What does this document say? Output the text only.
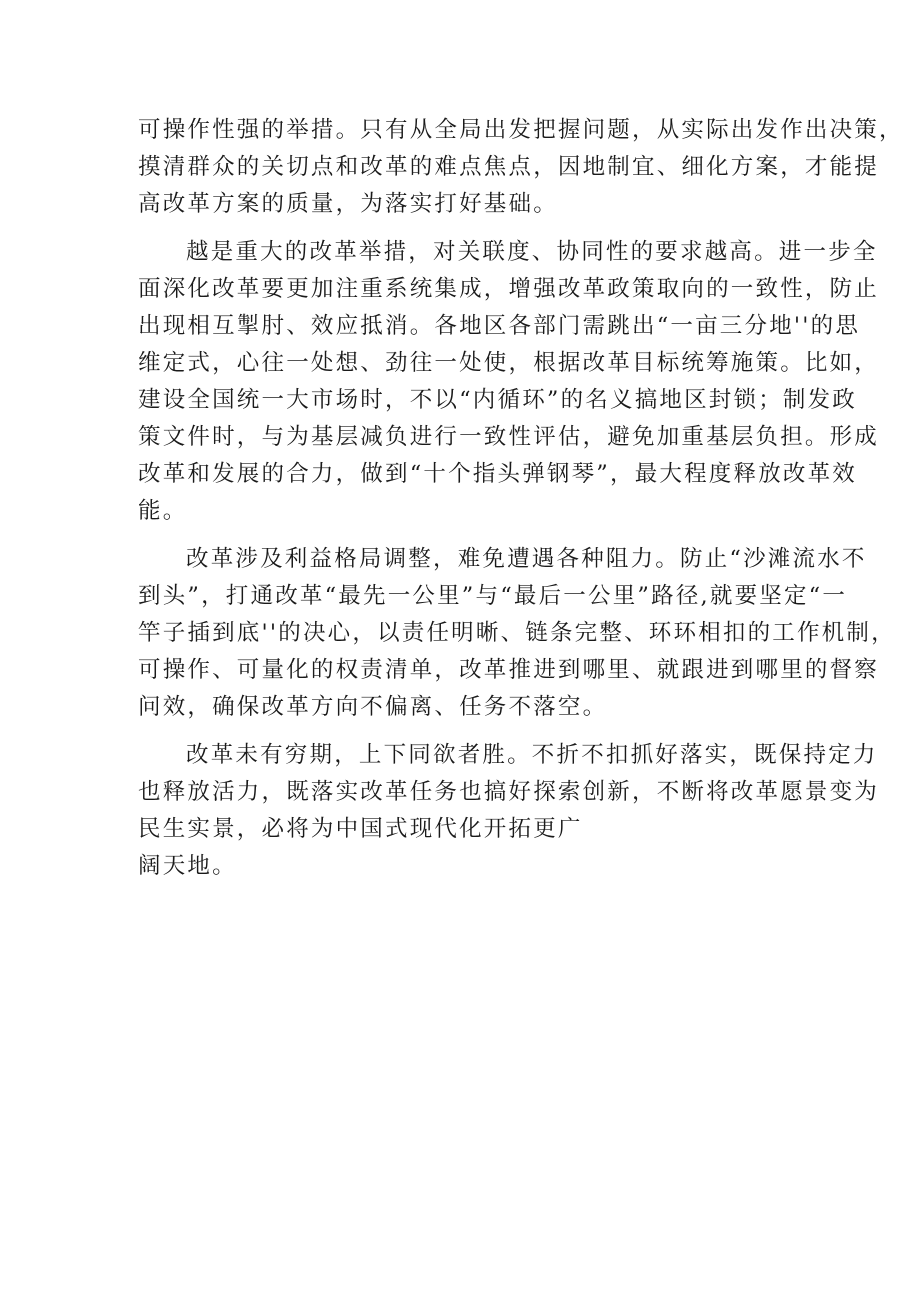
可操作性强的举措。只有从全局出发把握问题，从实际出发作出决策，
摸清群众的关切点和改革的难点焦点，因地制宜、细化方案，才能提
高改革方案的质量，为落实打好基础。
越是重大的改革举措，对关联度、协同性的要求越高。进一步全
面深化改革要更加注重系统集成，增强改革政策取向的一致性，防止
出现相互掣肘、效应抵消。各地区各部门需跳出“一亩三分地''的思
维定式，心往一处想、劲往一处使，根据改革目标统筹施策。比如，
建设全国统一大市场时，不以“内循环”的名义搞地区封锁；制发政
策文件时，与为基层减负进行一致性评估，避免加重基层负担。形成
改革和发展的合力，做到“十个指头弹钢琴”，最大程度释放改革效
能。
改革涉及利益格局调整，难免遭遇各种阻力。防止“沙滩流水不
到头”，打通改革“最先一公里”与“最后一公里”路径,就要坚定“一
竿子插到底''的决心，以责任明晰、链条完整、环环相扣的工作机制，
可操作、可量化的权责清单，改革推进到哪里、就跟进到哪里的督察
问效，确保改革方向不偏离、任务不落空。
改革未有穷期，上下同欲者胜。不折不扣抓好落实，既保持定力
也释放活力，既落实改革任务也搞好探索创新，不断将改革愿景变为
民生实景，必将为中国式现代化开拓更广
阔天地。
